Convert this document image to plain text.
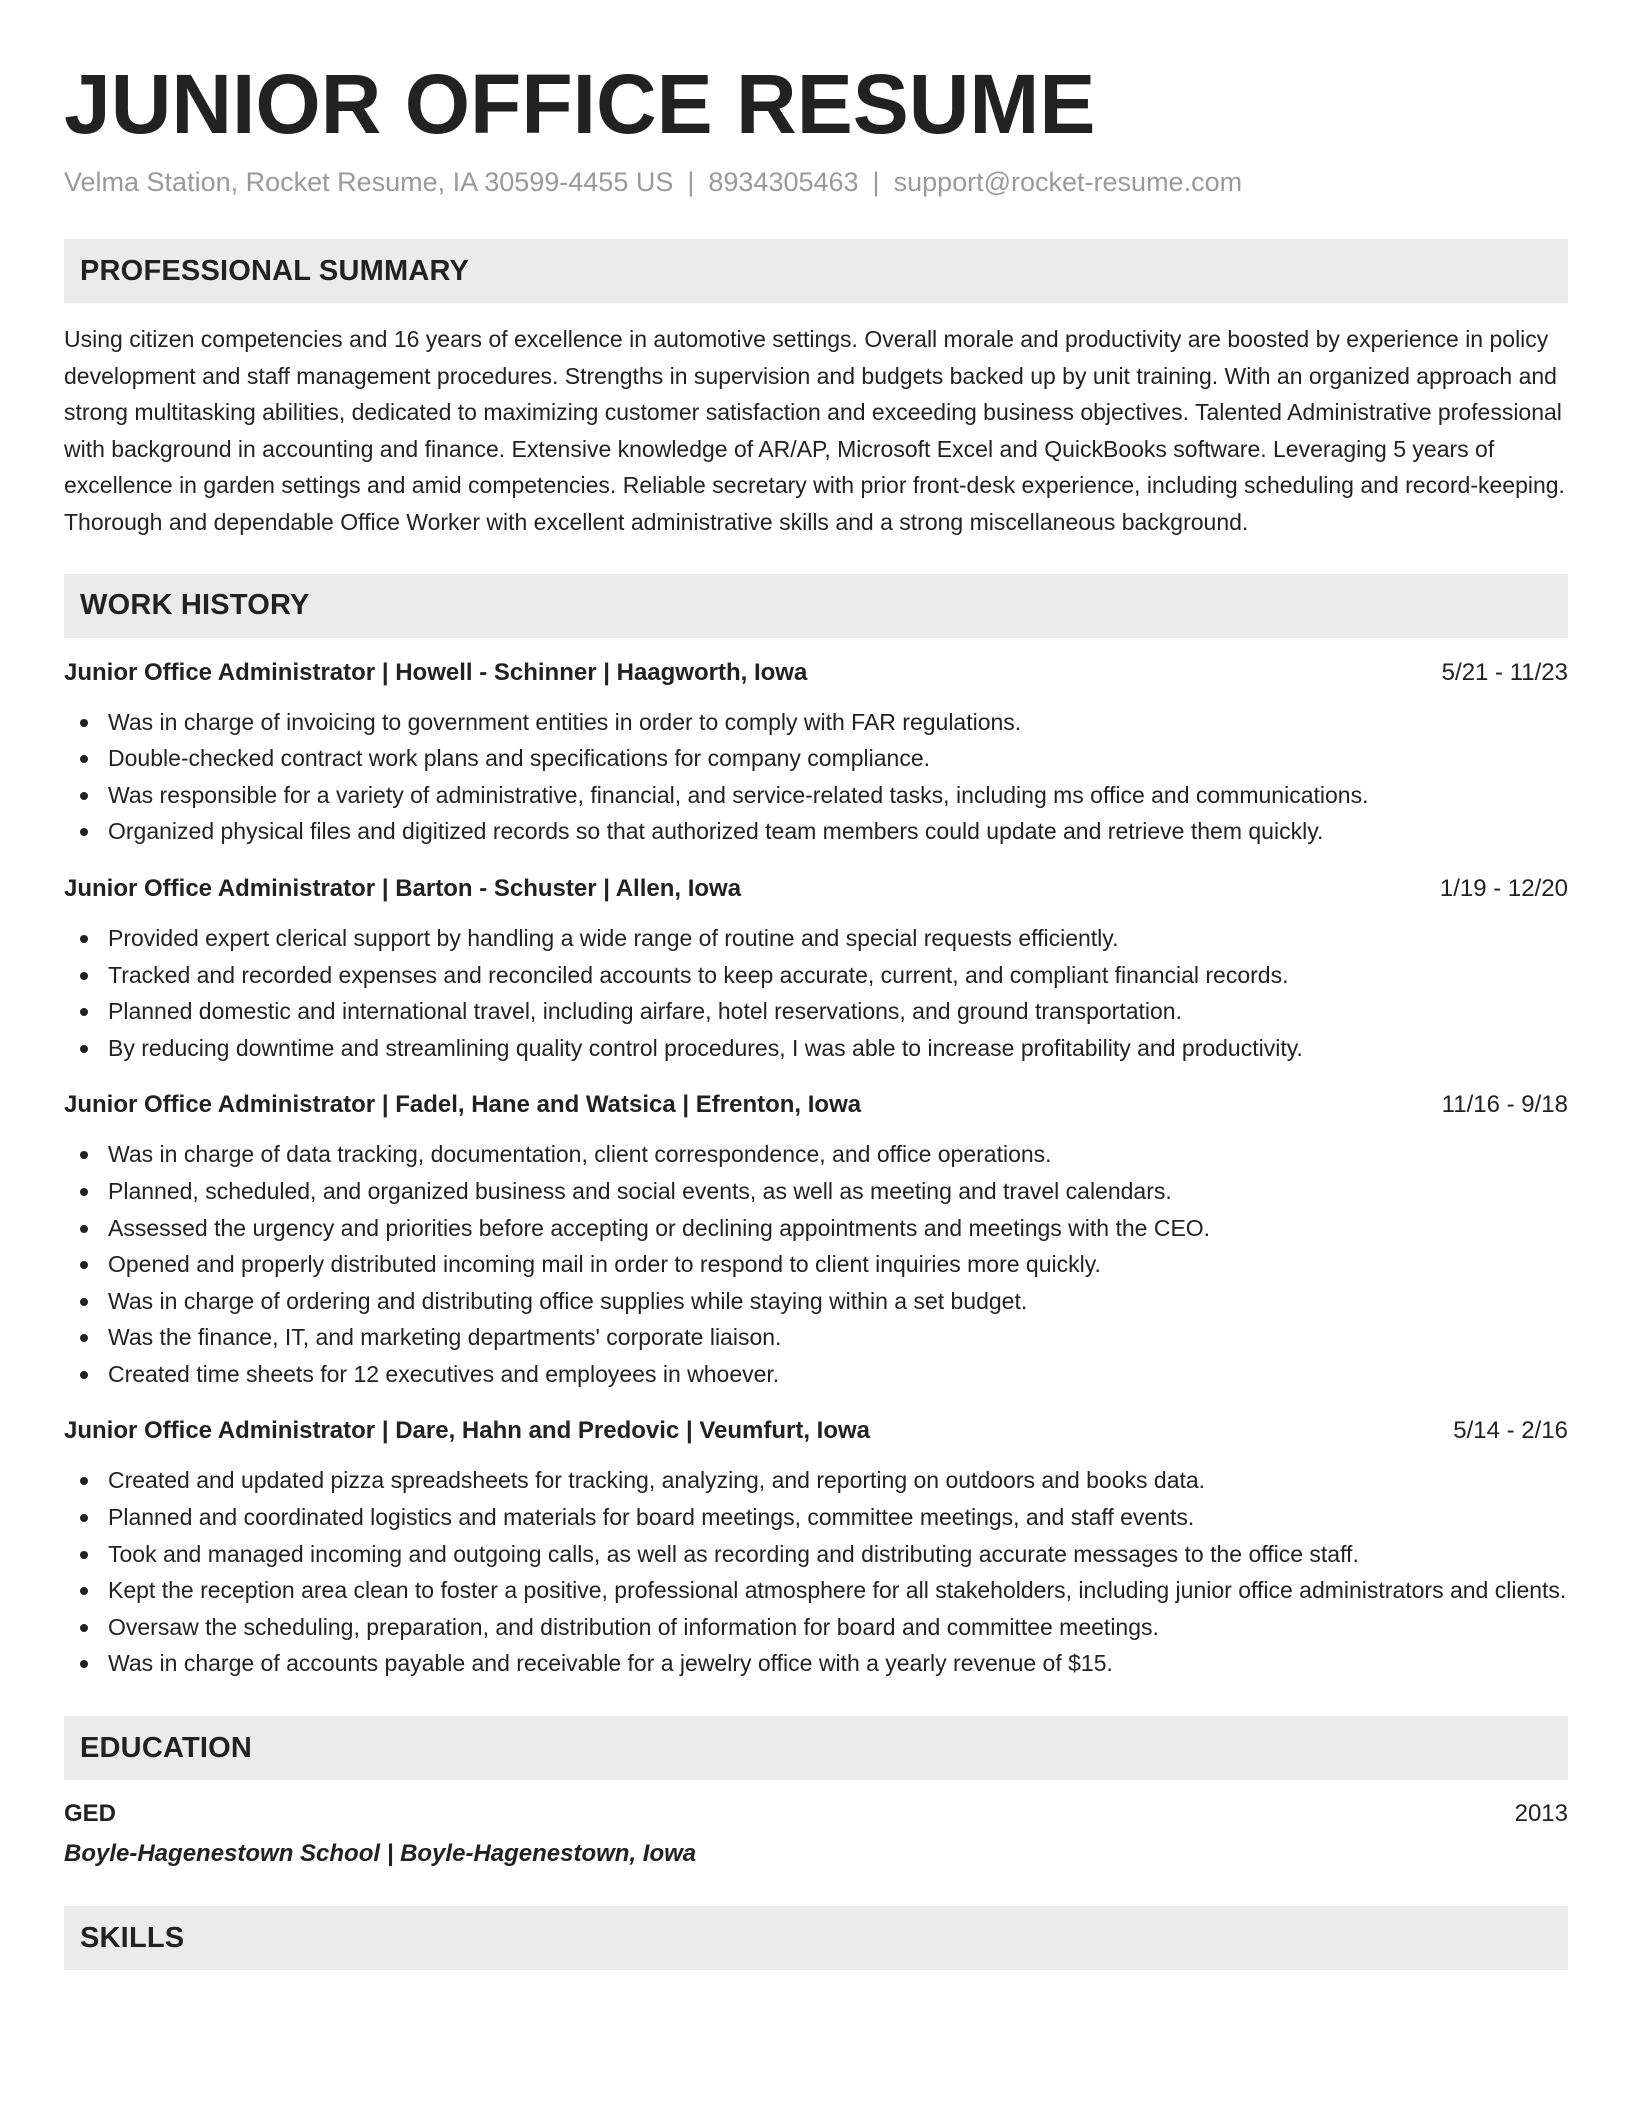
JUNIOR OFFICE RESUME
Velma Station, Rocket Resume, IA 30599-4455 US | 8934305463 | support@rocket-resume.com
PROFESSIONAL SUMMARY

Using citizen competencies and 16 years of excellence in automotive settings. Overall morale and productivity are boosted by experience in policy development and staff management procedures. Strengths in supervision and budgets backed up by unit training. With an organized approach and strong multitasking abilities, dedicated to maximizing customer satisfaction and exceeding business objectives. Talented Administrative professional with background in accounting and finance. Extensive knowledge of AR/AP, Microsoft Excel and QuickBooks software. Leveraging 5 years of excellence in garden settings and amid competencies. Reliable secretary with prior front-desk experience, including scheduling and record-keeping. Thorough and dependable Office Worker with excellent administrative skills and a strong miscellaneous background.

WORK HISTORY
Junior Office Administrator | Howell - Schinner | Haagworth, Iowa	5/21 - 11/23
Was in charge of invoicing to government entities in order to comply with FAR regulations.
Double-checked contract work plans and specifications for company compliance.
Was responsible for a variety of administrative, financial, and service-related tasks, including ms office and communications.
Organized physical files and digitized records so that authorized team members could update and retrieve them quickly.
Junior Office Administrator | Barton - Schuster | Allen, Iowa	1/19 - 12/20
Provided expert clerical support by handling a wide range of routine and special requests efficiently.
Tracked and recorded expenses and reconciled accounts to keep accurate, current, and compliant financial records.
Planned domestic and international travel, including airfare, hotel reservations, and ground transportation.
By reducing downtime and streamlining quality control procedures, I was able to increase profitability and productivity.
Junior Office Administrator | Fadel, Hane and Watsica | Efrenton, Iowa	11/16 - 9/18
Was in charge of data tracking, documentation, client correspondence, and office operations.
Planned, scheduled, and organized business and social events, as well as meeting and travel calendars.
Assessed the urgency and priorities before accepting or declining appointments and meetings with the CEO.
Opened and properly distributed incoming mail in order to respond to client inquiries more quickly.
Was in charge of ordering and distributing office supplies while staying within a set budget.
Was the finance, IT, and marketing departments' corporate liaison.
Created time sheets for 12 executives and employees in whoever.
Junior Office Administrator | Dare, Hahn and Predovic | Veumfurt, Iowa	5/14 - 2/16
Created and updated pizza spreadsheets for tracking, analyzing, and reporting on outdoors and books data.
Planned and coordinated logistics and materials for board meetings, committee meetings, and staff events.
Took and managed incoming and outgoing calls, as well as recording and distributing accurate messages to the office staff.
Kept the reception area clean to foster a positive, professional atmosphere for all stakeholders, including junior office administrators and clients.
Oversaw the scheduling, preparation, and distribution of information for board and committee meetings.
Was in charge of accounts payable and receivable for a jewelry office with a yearly revenue of $15.
EDUCATION
GED	2013
Boyle-Hagenestown School | Boyle-Hagenestown, Iowa
SKILLS
